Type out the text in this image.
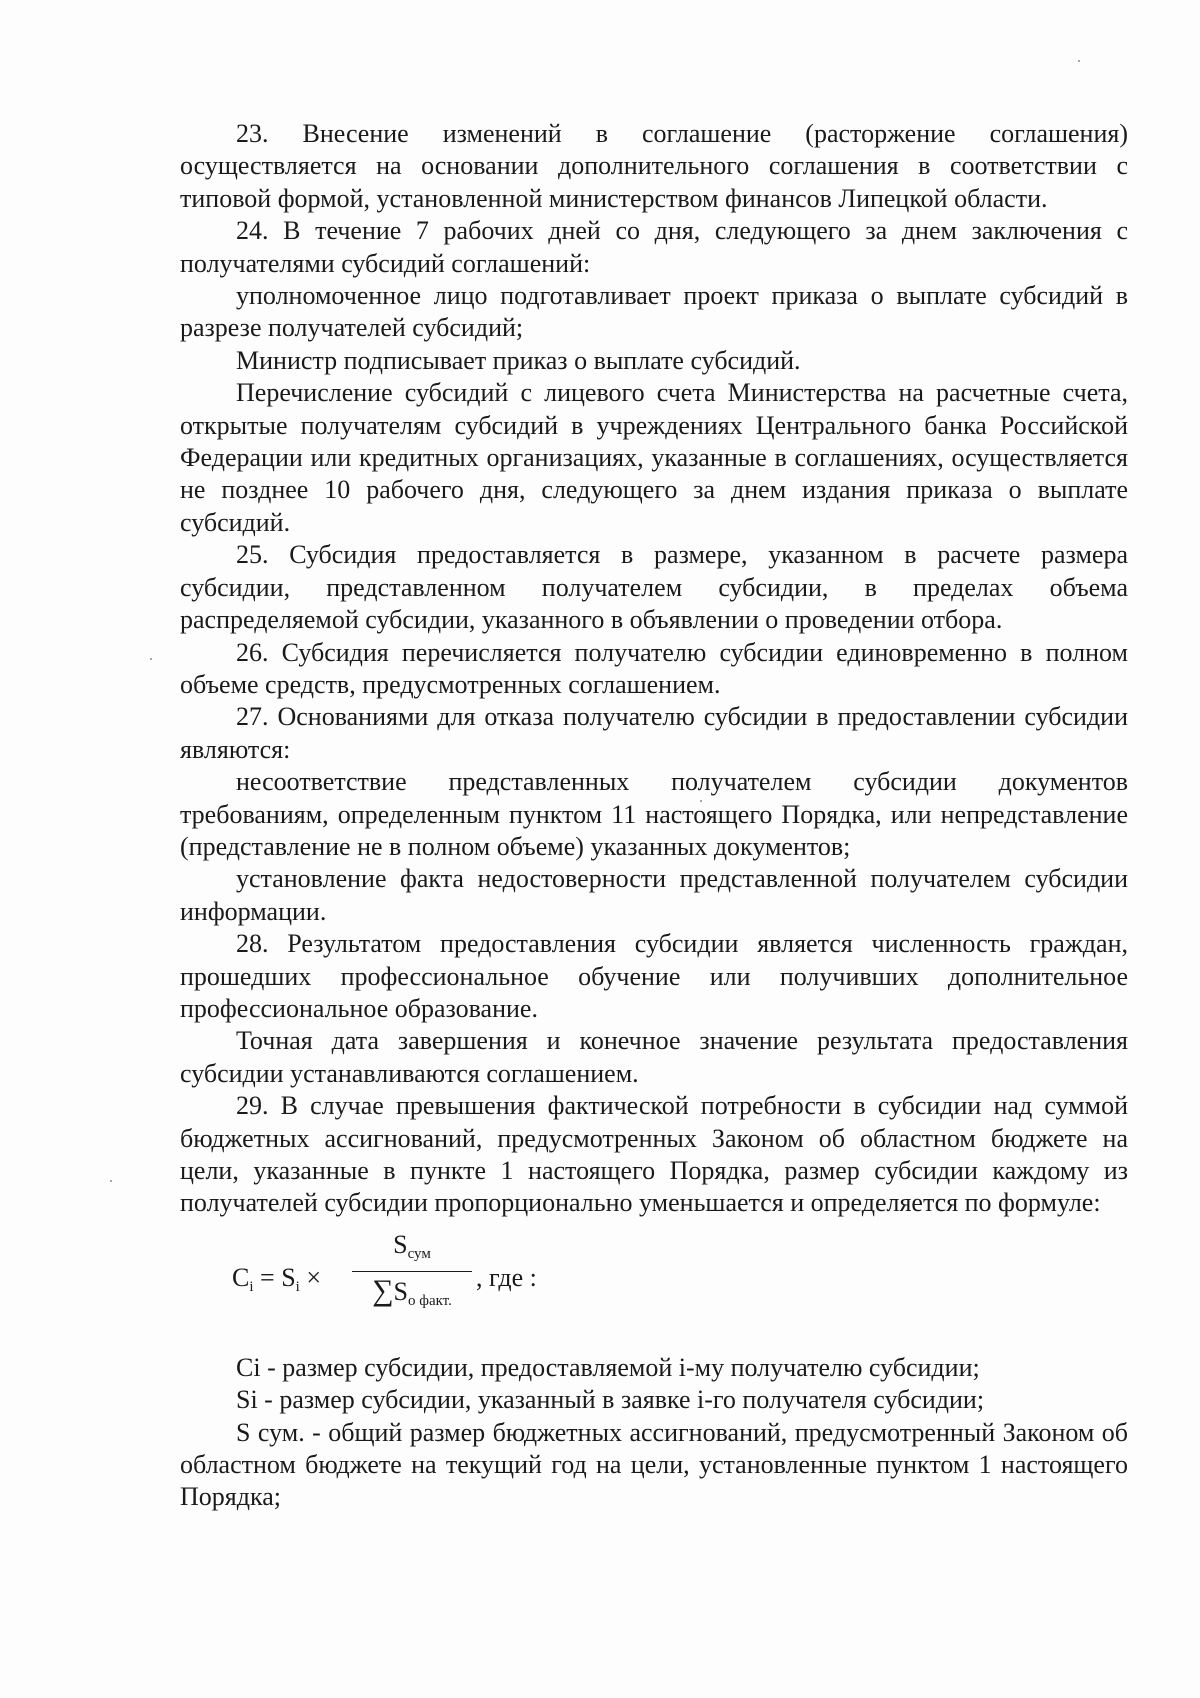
23. Внесение изменений в соглашение (расторжение соглашения) осуществляется на основании дополнительного соглашения в соответствии с типовой формой, установленной министерством финансов Липецкой области.

24. В течение 7 рабочих дней со дня, следующего за днем заключения с получателями субсидий соглашений:

уполномоченное лицо подготавливает проект приказа о выплате субсидий в разрезе получателей субсидий;

Министр подписывает приказ о выплате субсидий.

Перечисление субсидий с лицевого счета Министерства на расчетные счета, открытые получателям субсидий в учреждениях Центрального банка Российской Федерации или кредитных организациях, указанные в соглашениях, осуществляется не позднее 10 рабочего дня, следующего за днем издания приказа о выплате субсидий.

25. Субсидия предоставляется в размере, указанном в расчете размера субсидии, представленном получателем субсидии, в пределах объема распределяемой субсидии, указанного в объявлении о проведении отбора.

26. Субсидия перечисляется получателю субсидии единовременно в полном объеме средств, предусмотренных соглашением.

27. Основаниями для отказа получателю субсидии в предоставлении субсидии являются:

несоответствие представленных получателем субсидии документов требованиям, определенным пунктом 11 настоящего Порядка, или непредставление (представление не в полном объеме) указанных документов;

установление факта недостоверности представленной получателем субсидии информации.

28. Результатом предоставления субсидии является численность граждан, прошедших профессиональное обучение или получивших дополнительное профессиональное образование.

Точная дата завершения и конечное значение результата предоставления субсидии устанавливаются соглашением.

29. В случае превышения фактической потребности в субсидии над суммой бюджетных ассигнований, предусмотренных Законом об областном бюджете на цели, указанные в пункте 1 настоящего Порядка, размер субсидии каждому из получателей субсидии пропорционально уменьшается и определяется по формуле:

$C_i = S_i$ ×
$S_{сум}$
$\sum S_{о факт.}$
, где :

Ci - размер субсидии, предоставляемой i-му получателю субсидии;

Si - размер субсидии, указанный в заявке i-го получателя субсидии;

S сум. - общий размер бюджетных ассигнований, предусмотренный Законом об областном бюджете на текущий год на цели, установленные пунктом 1 настоящего Порядка;
